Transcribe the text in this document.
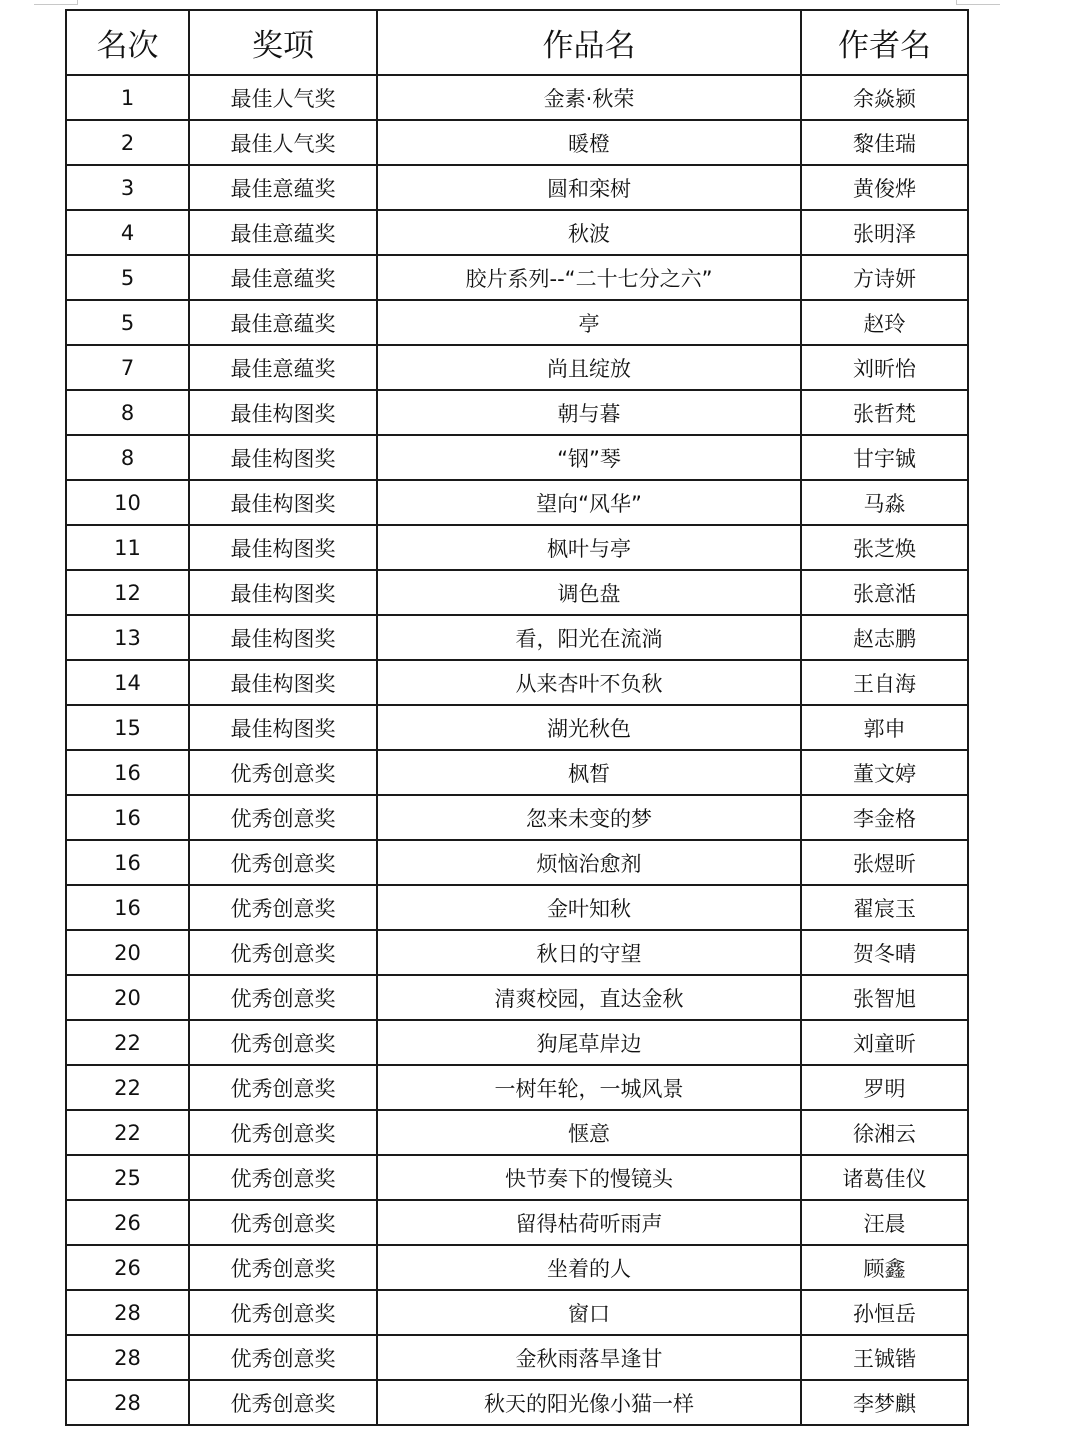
名次	奖项	作品名	作者名
1	最佳人气奖	金素·秋荣	余焱颍
2	最佳人气奖	暖橙	黎佳瑞
3	最佳意蕴奖	圆和栾树	黄俊烨
4	最佳意蕴奖	秋波	张明泽
5	最佳意蕴奖	胶片系列--“二十七分之六”	方诗妍
5	最佳意蕴奖	亭	赵玲
7	最佳意蕴奖	尚且绽放	刘昕怡
8	最佳构图奖	朝与暮	张哲梵
8	最佳构图奖	“钢”琴	甘宇铖
10	最佳构图奖	望向“风华”	马淼
11	最佳构图奖	枫叶与亭	张芝焕
12	最佳构图奖	调色盘	张意湉
13	最佳构图奖	看，阳光在流淌	赵志鹏
14	最佳构图奖	从来杏叶不负秋	王自海
15	最佳构图奖	湖光秋色	郭申
16	优秀创意奖	枫晳	董文婷
16	优秀创意奖	忽来未变的梦	李金格
16	优秀创意奖	烦恼治愈剂	张煜昕
16	优秀创意奖	金叶知秋	翟宸玉
20	优秀创意奖	秋日的守望	贺冬晴
20	优秀创意奖	清爽校园，直达金秋	张智旭
22	优秀创意奖	狗尾草岸边	刘童昕
22	优秀创意奖	一树年轮，一城风景	罗明
22	优秀创意奖	惬意	徐湘云
25	优秀创意奖	快节奏下的慢镜头	诸葛佳仪
26	优秀创意奖	留得枯荷听雨声	汪晨
26	优秀创意奖	坐着的人	顾鑫
28	优秀创意奖	窗口	孙恒岳
28	优秀创意奖	金秋雨落旱逢甘	王铖锴
28	优秀创意奖	秋天的阳光像小猫一样	李梦麒
